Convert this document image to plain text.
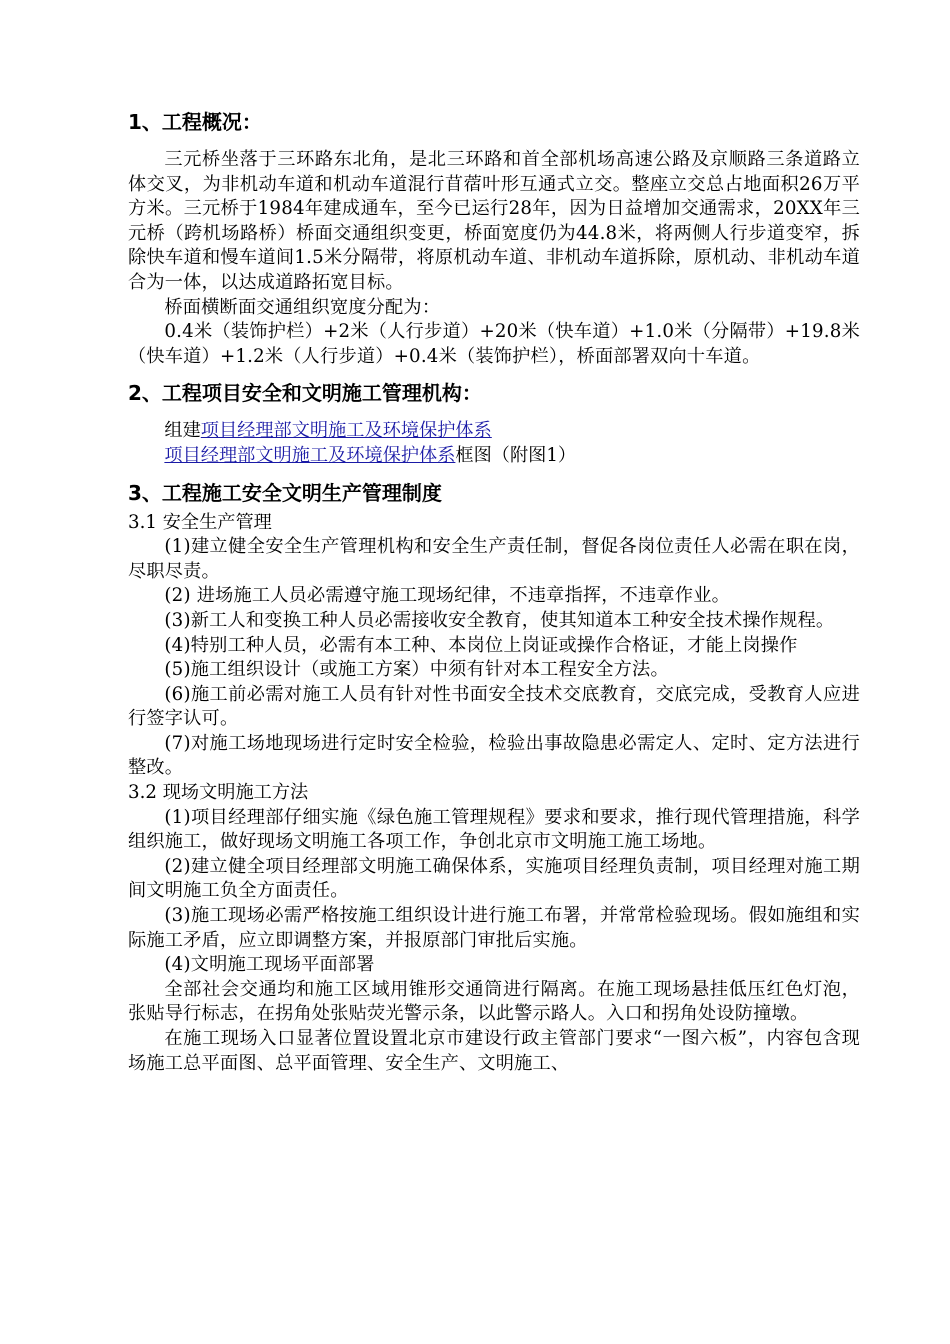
1、工程概况：

三元桥坐落于三环路东北角，是北三环路和首全部机场高速公路及京顺路三条道路立体交叉，为非机动车道和机动车道混行苜蓿叶形互通式立交。整座立交总占地面积26万平方米。三元桥于1984年建成通车，至今已运行28年，因为日益增加交通需求，20XX年三元桥（跨机场路桥）桥面交通组织变更，桥面宽度仍为44.8米，将两侧人行步道变窄，拆除快车道和慢车道间1.5米分隔带，将原机动车道、非机动车道拆除，原机动、非机动车道合为一体，以达成道路拓宽目标。

桥面横断面交通组织宽度分配为：

0.4米（装饰护栏）+2米（人行步道）+20米（快车道）+1.0米（分隔带）+19.8米（快车道）+1.2米（人行步道）+0.4米（装饰护栏），桥面部署双向十车道。

2、工程项目安全和文明施工管理机构：

组建项目经理部文明施工及环境保护体系

项目经理部文明施工及环境保护体系框图（附图1）

3、工程施工安全文明生产管理制度

3.1 安全生产管理

(1)建立健全安全生产管理机构和安全生产责任制，督促各岗位责任人必需在职在岗，尽职尽责。

(2) 进场施工人员必需遵守施工现场纪律，不违章指挥，不违章作业。

(3)新工人和变换工种人员必需接收安全教育，使其知道本工种安全技术操作规程。

(4)特别工种人员，必需有本工种、本岗位上岗证或操作合格证，才能上岗操作

(5)施工组织设计（或施工方案）中须有针对本工程安全方法。

(6)施工前必需对施工人员有针对性书面安全技术交底教育，交底完成，受教育人应进行签字认可。

(7)对施工场地现场进行定时安全检验，检验出事故隐患必需定人、定时、定方法进行整改。

3.2 现场文明施工方法

(1)项目经理部仔细实施《绿色施工管理规程》要求和要求，推行现代管理措施，科学组织施工，做好现场文明施工各项工作，争创北京市文明施工施工场地。

(2)建立健全项目经理部文明施工确保体系，实施项目经理负责制，项目经理对施工期间文明施工负全方面责任。

(3)施工现场必需严格按施工组织设计进行施工布署，并常常检验现场。假如施组和实际施工矛盾，应立即调整方案，并报原部门审批后实施。

(4)文明施工现场平面部署

全部社会交通均和施工区域用锥形交通筒进行隔离。在施工现场悬挂低压红色灯泡，张贴导行标志，在拐角处张贴荧光警示条，以此警示路人。入口和拐角处设防撞墩。

在施工现场入口显著位置设置北京市建设行政主管部门要求“一图六板”，内容包含现场施工总平面图、总平面管理、安全生产、文明施工、
